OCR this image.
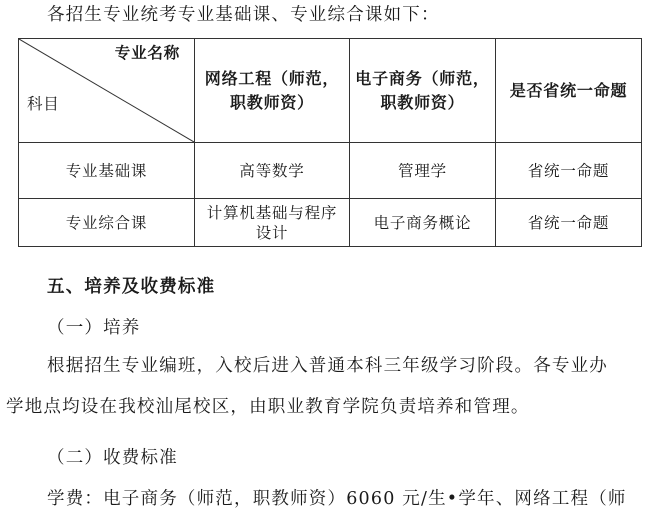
各招生专业统考专业基础课、专业综合课如下：
专业名称
科目	网络工程（师范，职教师资）	电子商务（师范，职教师资）	是否省统一命题
专业基础课	高等数学	管理学	省统一命题
专业综合课	计算机基础与程序设计	电子商务概论	省统一命题
五、培养及收费标准
（一）培养
根据招生专业编班，入校后进入普通本科三年级学习阶段。各专业办
学地点均设在我校汕尾校区，由职业教育学院负责培养和管理。
（二）收费标准
学费：电子商务（师范，职教师资）6060 元/生•学年、网络工程（师
